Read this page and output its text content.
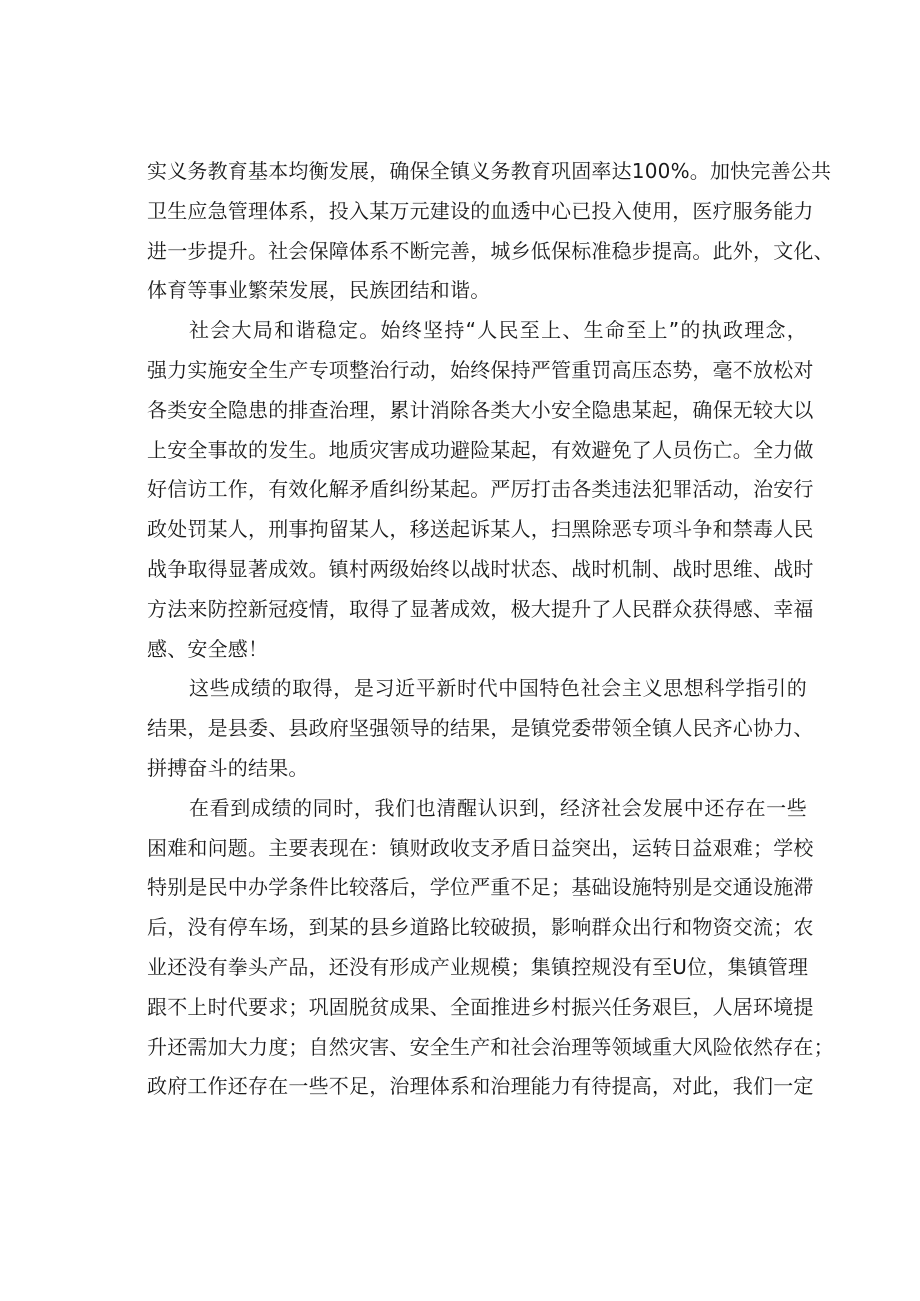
实义务教育基本均衡发展，确保全镇义务教育巩固率达100%。加快完善公共
卫生应急管理体系，投入某万元建设的血透中心已投入使用，医疗服务能力
进一步提升。社会保障体系不断完善，城乡低保标准稳步提高。此外，文化、
体育等事业繁荣发展，民族团结和谐。
社会大局和谐稳定。始终坚持“人民至上、生命至上”的执政理念，
强力实施安全生产专项整治行动，始终保持严管重罚高压态势，毫不放松对
各类安全隐患的排查治理，累计消除各类大小安全隐患某起，确保无较大以
上安全事故的发生。地质灾害成功避险某起，有效避免了人员伤亡。全力做
好信访工作，有效化解矛盾纠纷某起。严厉打击各类违法犯罪活动，治安行
政处罚某人，刑事拘留某人，移送起诉某人，扫黑除恶专项斗争和禁毒人民
战争取得显著成效。镇村两级始终以战时状态、战时机制、战时思维、战时
方法来防控新冠疫情，取得了显著成效，极大提升了人民群众获得感、幸福
感、安全感！
这些成绩的取得，是习近平新时代中国特色社会主义思想科学指引的
结果，是县委、县政府坚强领导的结果，是镇党委带领全镇人民齐心协力、
拼搏奋斗的结果。
在看到成绩的同时，我们也清醒认识到，经济社会发展中还存在一些
困难和问题。主要表现在：镇财政收支矛盾日益突出，运转日益艰难；学校
特别是民中办学条件比较落后，学位严重不足；基础设施特别是交通设施滞
后，没有停车场，到某的县乡道路比较破损，影响群众出行和物资交流；农
业还没有拳头产品，还没有形成产业规模；集镇控规没有至U位，集镇管理
跟不上时代要求；巩固脱贫成果、全面推进乡村振兴任务艰巨，人居环境提
升还需加大力度；自然灾害、安全生产和社会治理等领域重大风险依然存在；
政府工作还存在一些不足，治理体系和治理能力有待提高，对此，我们一定
